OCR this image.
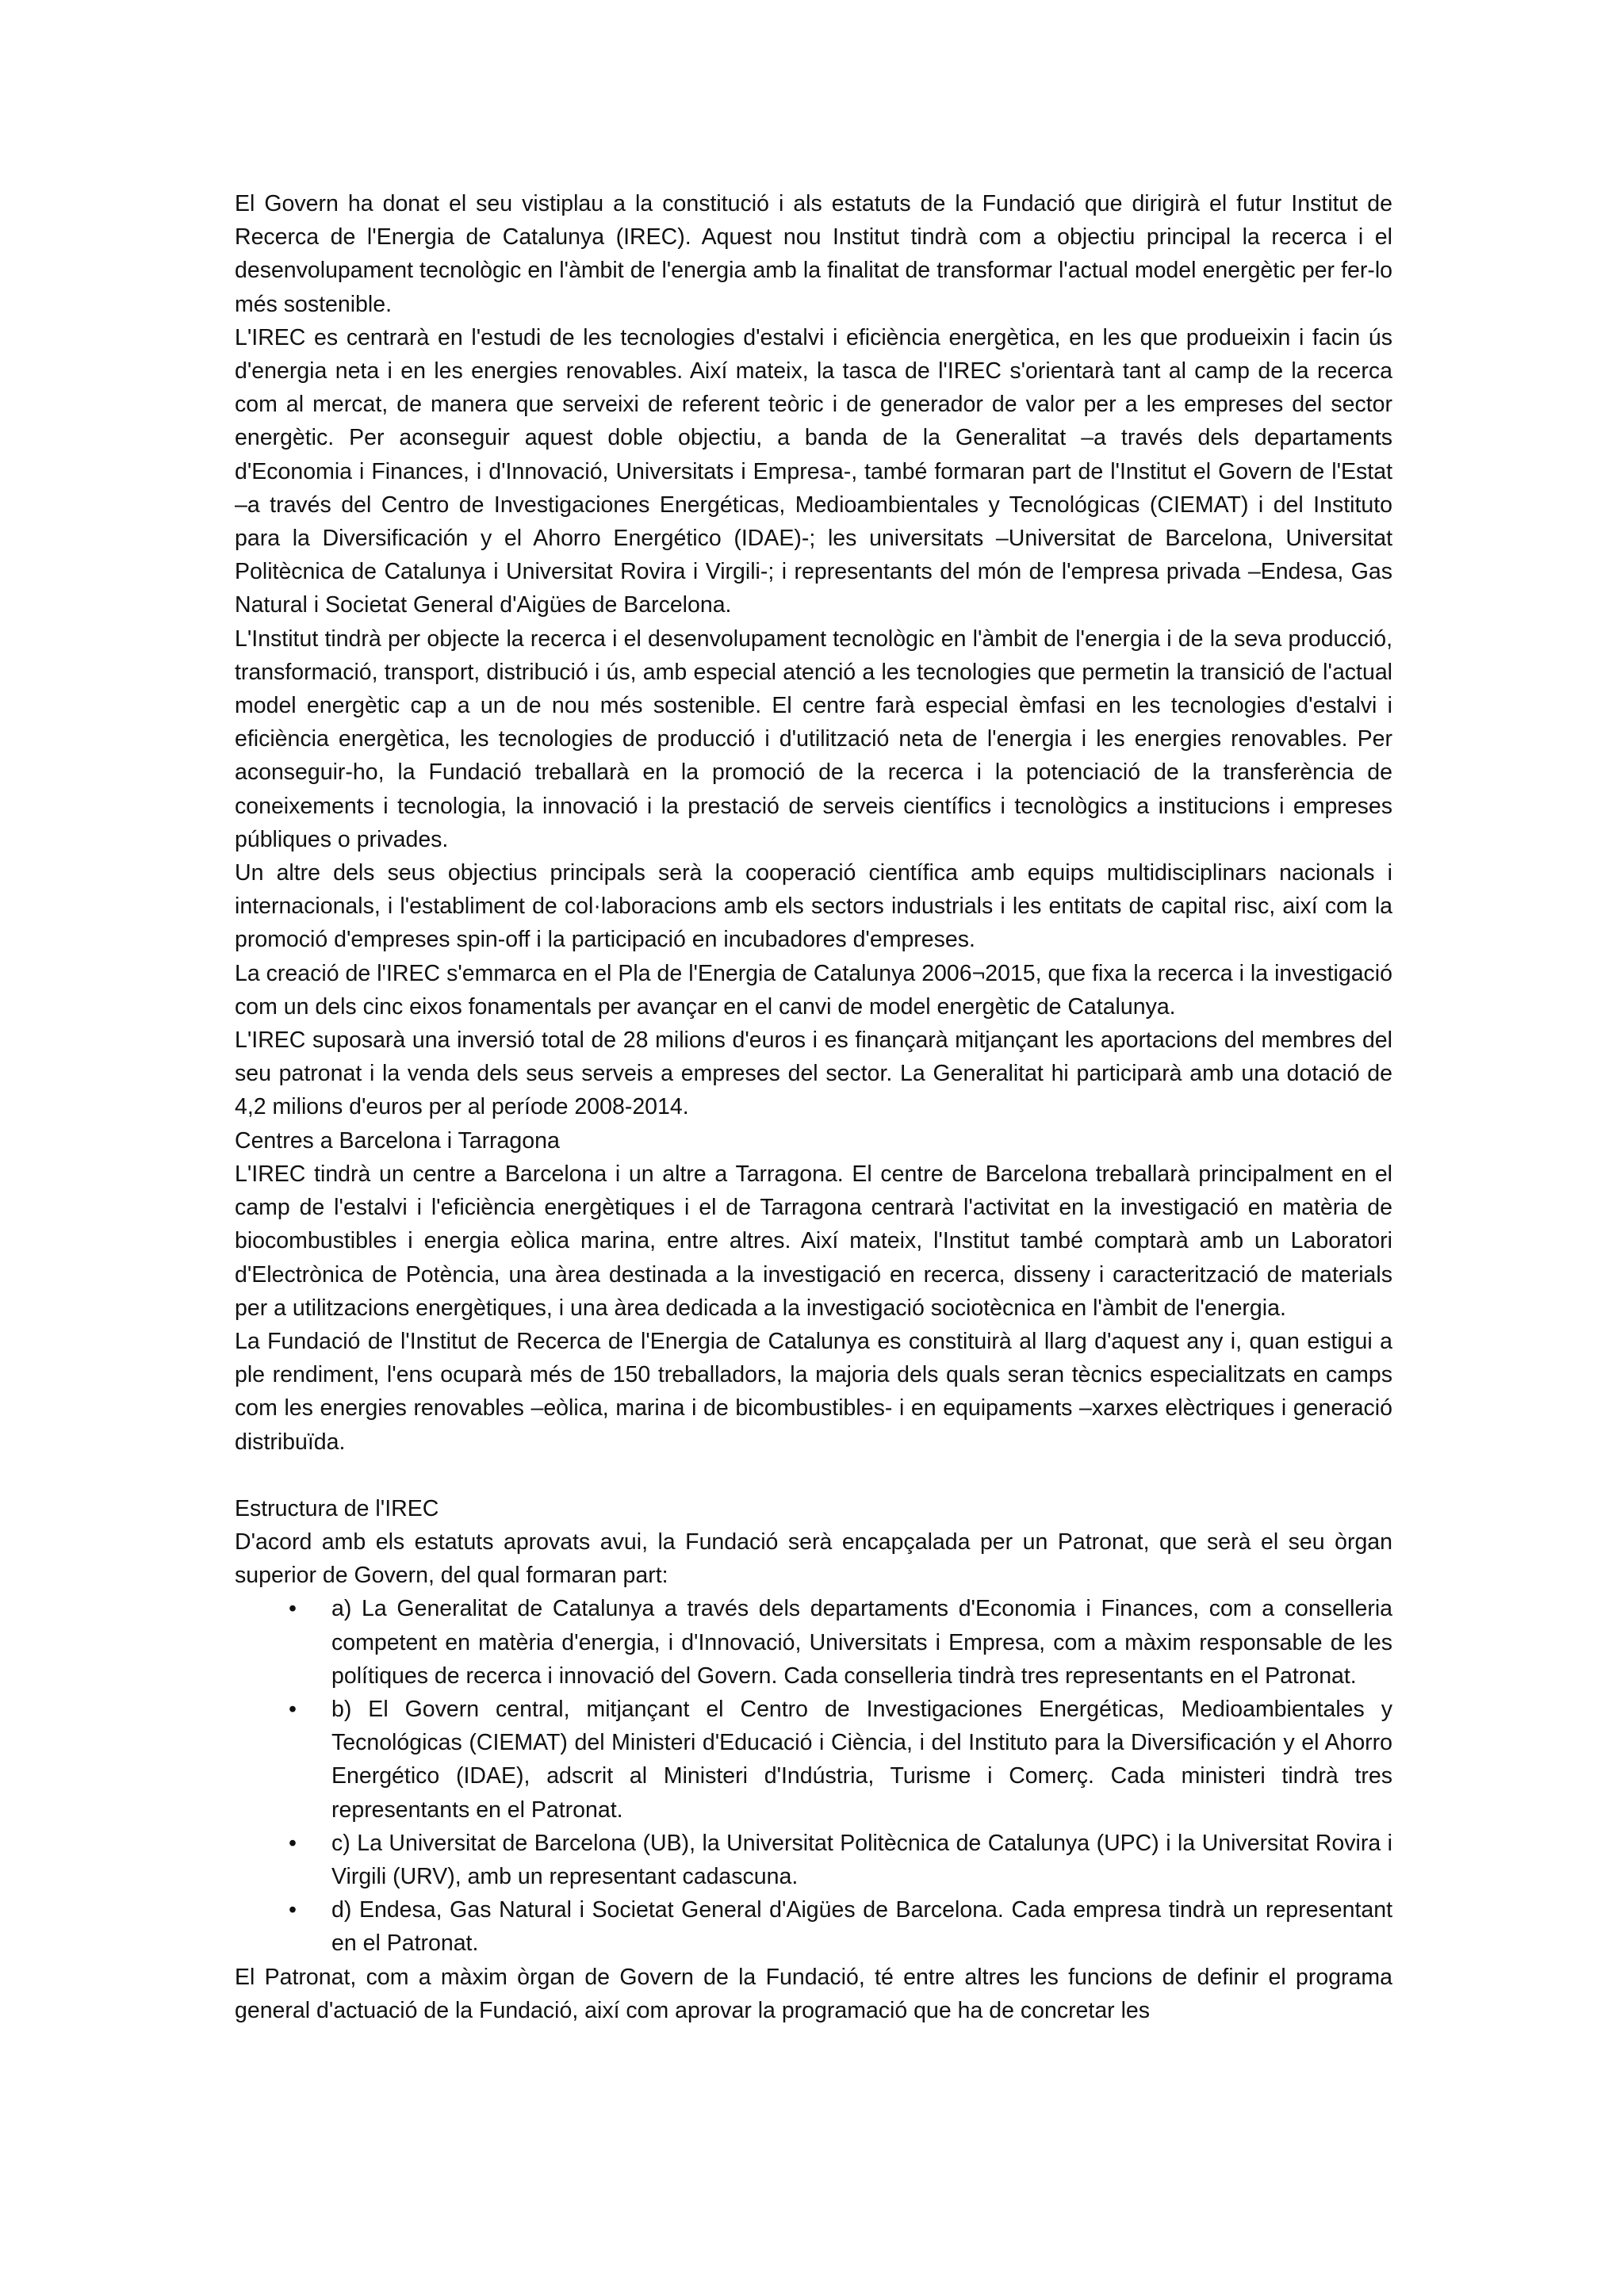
El Govern ha donat el seu vistiplau a la constitució i als estatuts de la Fundació que dirigirà el futur Institut de Recerca de l'Energia de Catalunya (IREC). Aquest nou Institut tindrà com a objectiu principal la recerca i el desenvolupament tecnològic en l'àmbit de l'energia amb la finalitat de transformar l'actual model energètic per fer-lo més sostenible.

L'IREC es centrarà en l'estudi de les tecnologies d'estalvi i eficiència energètica, en les que produeixin i facin ús d'energia neta i en les energies renovables. Així mateix, la tasca de l'IREC s'orientarà tant al camp de la recerca com al mercat, de manera que serveixi de referent teòric i de generador de valor per a les empreses del sector energètic. Per aconseguir aquest doble objectiu, a banda de la Generalitat –a través dels departaments d'Economia i Finances, i d'Innovació, Universitats i Empresa-, també formaran part de l'Institut el Govern de l'Estat –a través del Centro de Investigaciones Energéticas, Medioambientales y Tecnológicas (CIEMAT) i del Instituto para la Diversificación y el Ahorro Energético (IDAE)-; les universitats –Universitat de Barcelona, Universitat Politècnica de Catalunya i Universitat Rovira i Virgili-; i representants del món de l'empresa privada –Endesa, Gas Natural i Societat General d'Aigües de Barcelona.

L'Institut tindrà per objecte la recerca i el desenvolupament tecnològic en l'àmbit de l'energia i de la seva producció, transformació, transport, distribució i ús, amb especial atenció a les tecnologies que permetin la transició de l'actual model energètic cap a un de nou més sostenible. El centre farà especial èmfasi en les tecnologies d'estalvi i eficiència energètica, les tecnologies de producció i d'utilització neta de l'energia i les energies renovables. Per aconseguir-ho, la Fundació treballarà en la promoció de la recerca i la potenciació de la transferència de coneixements i tecnologia, la innovació i la prestació de serveis científics i tecnològics a institucions i empreses públiques o privades.

Un altre dels seus objectius principals serà la cooperació científica amb equips multidisciplinars nacionals i internacionals, i l'establiment de col·laboracions amb els sectors industrials i les entitats de capital risc, així com la promoció d'empreses spin-off i la participació en incubadores d'empreses.

La creació de l'IREC s'emmarca en el Pla de l'Energia de Catalunya 2006¬2015, que fixa la recerca i la investigació com un dels cinc eixos fonamentals per avançar en el canvi de model energètic de Catalunya.

L'IREC suposarà una inversió total de 28 milions d'euros i es finançarà mitjançant les aportacions del membres del seu patronat i la venda dels seus serveis a empreses del sector. La Generalitat hi participarà amb una dotació de 4,2 milions d'euros per al període 2008-2014.

Centres a Barcelona i Tarragona

L'IREC tindrà un centre a Barcelona i un altre a Tarragona. El centre de Barcelona treballarà principalment en el camp de l'estalvi i l'eficiència energètiques i el de Tarragona centrarà l'activitat en la investigació en matèria de biocombustibles i energia eòlica marina, entre altres. Així mateix, l'Institut també comptarà amb un Laboratori d'Electrònica de Potència, una àrea destinada a la investigació en recerca, disseny i caracterització de materials per a utilitzacions energètiques, i una àrea dedicada a la investigació sociotècnica en l'àmbit de l'energia.

La Fundació de l'Institut de Recerca de l'Energia de Catalunya es constituirà al llarg d'aquest any i, quan estigui a ple rendiment, l'ens ocuparà més de 150 treballadors, la majoria dels quals seran tècnics especialitzats en camps com les energies renovables –eòlica, marina i de bicombustibles- i en equipaments –xarxes elèctriques i generació distribuïda.

Estructura de l'IREC

D'acord amb els estatuts aprovats avui, la Fundació serà encapçalada per un Patronat, que serà el seu òrgan superior de Govern, del qual formaran part:

•	a) La Generalitat de Catalunya a través dels departaments d'Economia i Finances, com a conselleria competent en matèria d'energia, i d'Innovació, Universitats i Empresa, com a màxim responsable de les polítiques de recerca i innovació del Govern. Cada conselleria tindrà tres representants en el Patronat.
•	b) El Govern central, mitjançant el Centro de Investigaciones Energéticas, Medioambientales y Tecnológicas (CIEMAT) del Ministeri d'Educació i Ciència, i del Instituto para la Diversificación y el Ahorro Energético (IDAE), adscrit al Ministeri d'Indústria, Turisme i Comerç. Cada ministeri tindrà tres representants en el Patronat.
•	c) La Universitat de Barcelona (UB), la Universitat Politècnica de Catalunya (UPC) i la Universitat Rovira i Virgili (URV), amb un representant cadascuna.
•	d) Endesa, Gas Natural i Societat General d'Aigües de Barcelona. Cada empresa tindrà un representant en el Patronat.

El Patronat, com a màxim òrgan de Govern de la Fundació, té entre altres les funcions de definir el programa general d'actuació de la Fundació, així com aprovar la programació que ha de concretar les
